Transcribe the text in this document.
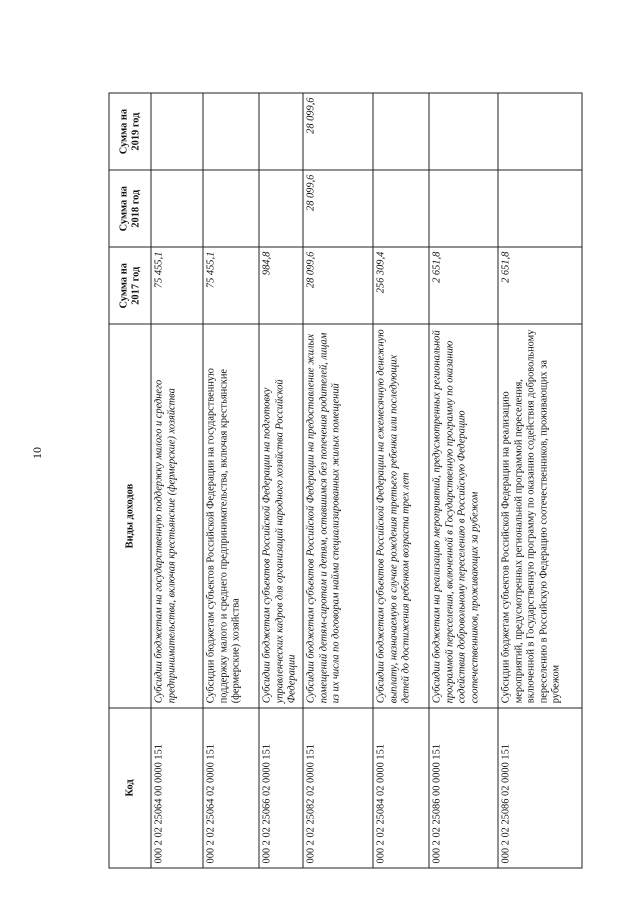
10
Код	Виды доходов	Сумма на 2017 год	Сумма на 2018 год	Сумма на 2019 год
000 2 02 25064 00 0000 151	Субсидии бюджетам на государственную поддержку малого и среднего предпринимательства, включая крестьянские (фермерские) хозяйства	75 455,1		
000 2 02 25064 02 0000 151	Субсидии бюджетам субъектов Российской Федерации на государственную поддержку малого и среднего предпринимательства, включая крестьянские (фермерские) хозяйства	75 455,1		
000 2 02 25066 02 0000 151	Субсидии бюджетам субъектов Российской Федерации на подготовку управленческих кадров для организаций народного хозяйства Российской Федерации	984,8		
000 2 02 25082 02 0000 151	Субсидии бюджетам субъектов Российской Федерации на предоставление жилых помещений детям-сиротам и детям, оставшимся без попечения родителей, лицам из их числа по договорам найма специализированных жилых помещений	28 099,6	28 099,6	28 099,6
000 2 02 25084 02 0000 151	Субсидии бюджетам субъектов Российской Федерации на ежемесячную денежную выплату, назначаемую в случае рождения третьего ребенка или последующих детей до достижения ребенком возраста трех лет	256 309,4		
000 2 02 25086 00 0000 151	Субсидии бюджетам на реализацию мероприятий, предусмотренных региональной программой переселения, включенной в Государственную программу по оказанию содействия добровольному переселению в Российскую Федерацию соотечественников, проживающих за рубежом	2 651,8		
000 2 02 25086 02 0000 151	Субсидии бюджетам субъектов Российской Федерации на реализацию мероприятий, предусмотренных региональной программой переселения, включенной в Государственную программу по оказанию содействия добровольному переселению в Российскую Федерацию соотечественников, проживающих за рубежом	2 651,8		
